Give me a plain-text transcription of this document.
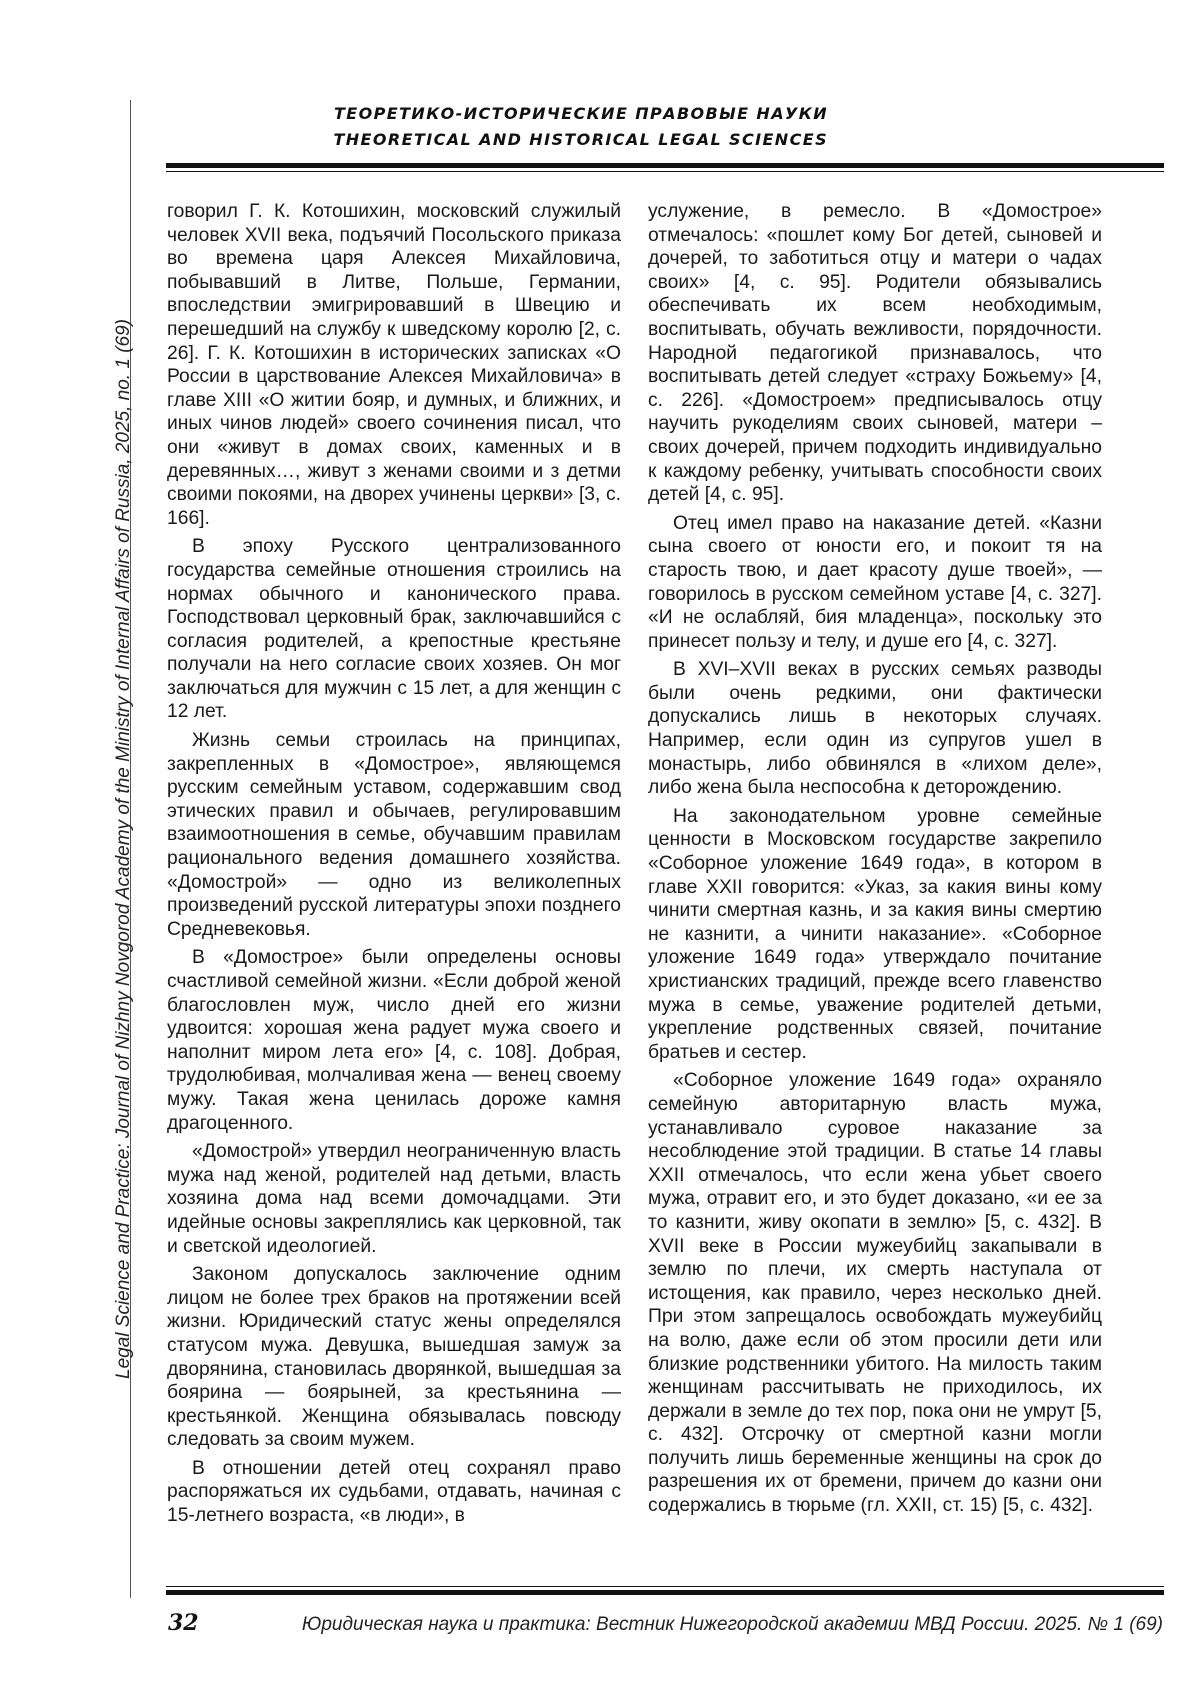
Legal Science and Practice: Journal of Nizhny Novgorod Academy of the Ministry of Internal Affairs of Russia, 2025, no. 1 (69)
ТЕОРЕТИКО-ИСТОРИЧЕСКИЕ ПРАВОВЫЕ НАУКИ
THEORETICAL AND HISTORICAL LEGAL SCIENCES

говорил Г. К. Котошихин, московский служилый человек XVII века, подъячий Посольского приказа во времена царя Алексея Михайловича, побывавший в Литве, Польше, Германии, впоследствии эмигрировавший в Швецию и перешедший на службу к шведскому королю [2, с. 26]. Г. К. Котошихин в исторических записках «О России в царствование Алексея Михайловича» в главе XIII «О житии бояр, и думных, и ближних, и иных чинов людей» своего сочинения писал, что они «живут в домах своих, каменных и в деревянных…, живут з женами своими и з детми своими покоями, на дворех учинены церкви» [3, с. 166].

В эпоху Русского централизованного государства семейные отношения строились на нормах обычного и канонического права. Господствовал церковный брак, заключавшийся с согласия родителей, а крепостные крестьяне получали на него согласие своих хозяев. Он мог заключаться для мужчин с 15 лет, а для женщин с 12 лет.

Жизнь семьи строилась на принципах, закрепленных в «Домострое», являющемся русским семейным уставом, содержавшим свод этических правил и обычаев, регулировавшим взаимоотношения в семье, обучавшим правилам рационального ведения домашнего хозяйства. «Домострой» — одно из великолепных произведений русской литературы эпохи позднего Средневековья.

В «Домострое» были определены основы счастливой семейной жизни. «Если доброй женой благословлен муж, число дней его жизни удвоится: хорошая жена радует мужа своего и наполнит миром лета его» [4, с. 108]. Добрая, трудолюбивая, молчаливая жена — венец своему мужу. Такая жена ценилась дороже камня драгоценного.

«Домострой» утвердил неограниченную власть мужа над женой, родителей над детьми, власть хозяина дома над всеми домочадцами. Эти идейные основы закреплялись как церковной, так и светской идеологией.

Законом допускалось заключение одним лицом не более трех браков на протяжении всей жизни. Юридический статус жены определялся статусом мужа. Девушка, вышедшая замуж за дворянина, становилась дворянкой, вышедшая за боярина — боярыней, за крестьянина — крестьянкой. Женщина обязывалась повсюду следовать за своим мужем.

В отношении детей отец сохранял право распоряжаться их судьбами, отдавать, начиная с 15-летнего возраста, «в люди», в

услужение, в ремесло. В «Домострое» отмечалось: «пошлет кому Бог детей, сыновей и дочерей, то заботиться отцу и матери о чадах своих» [4, с. 95]. Родители обязывались обеспечивать их всем необходимым, воспитывать, обучать вежливости, порядочности. Народной педагогикой признавалось, что воспитывать детей следует «страху Божьему» [4, с. 226]. «Домостроем» предписывалось отцу научить рукоделиям своих сыновей, матери – своих дочерей, причем подходить индивидуально к каждому ребенку, учитывать способности своих детей [4, с. 95].

Отец имел право на наказание детей. «Казни сына своего от юности его, и покоит тя на старость твою, и дает красоту душе твоей», — говорилось в русском семейном уставе [4, с. 327]. «И не ослабляй, бия младенца», поскольку это принесет пользу и телу, и душе его [4, с. 327].

В XVI–XVII веках в русских семьях разводы были очень редкими, они фактически допускались лишь в некоторых случаях. Например, если один из супругов ушел в монастырь, либо обвинялся в «лихом деле», либо жена была неспособна к деторождению.

На законодательном уровне семейные ценности в Московском государстве закрепило «Соборное уложение 1649 года», в котором в главе XXII говорится: «Указ, за какия вины кому чинити смертная казнь, и за какия вины смертию не казнити, а чинити наказание». «Соборное уложение 1649 года» утверждало почитание христианских традиций, прежде всего главенство мужа в семье, уважение родителей детьми, укрепление родственных связей, почитание братьев и сестер.

«Соборное уложение 1649 года» охраняло семейную авторитарную власть мужа, устанавливало суровое наказание за несоблюдение этой традиции. В статье 14 главы XXII отмечалось, что если жена убьет своего мужа, отравит его, и это будет доказано, «и ее за то казнити, живу окопати в землю» [5, с. 432]. В XVII веке в России мужеубийц закапывали в землю по плечи, их смерть наступала от истощения, как правило, через несколько дней. При этом запрещалось освобождать мужеубийц на волю, даже если об этом просили дети или близкие родственники убитого. На милость таким женщинам рассчитывать не приходилось, их держали в земле до тех пор, пока они не умрут [5, с. 432]. Отсрочку от смертной казни могли получить лишь беременные женщины на срок до разрешения их от бремени, причем до казни они содержались в тюрьме (гл. XXII, ст. 15) [5, с. 432].

32	Юридическая наука и практика: Вестник Нижегородской академии МВД России. 2025. № 1 (69)
